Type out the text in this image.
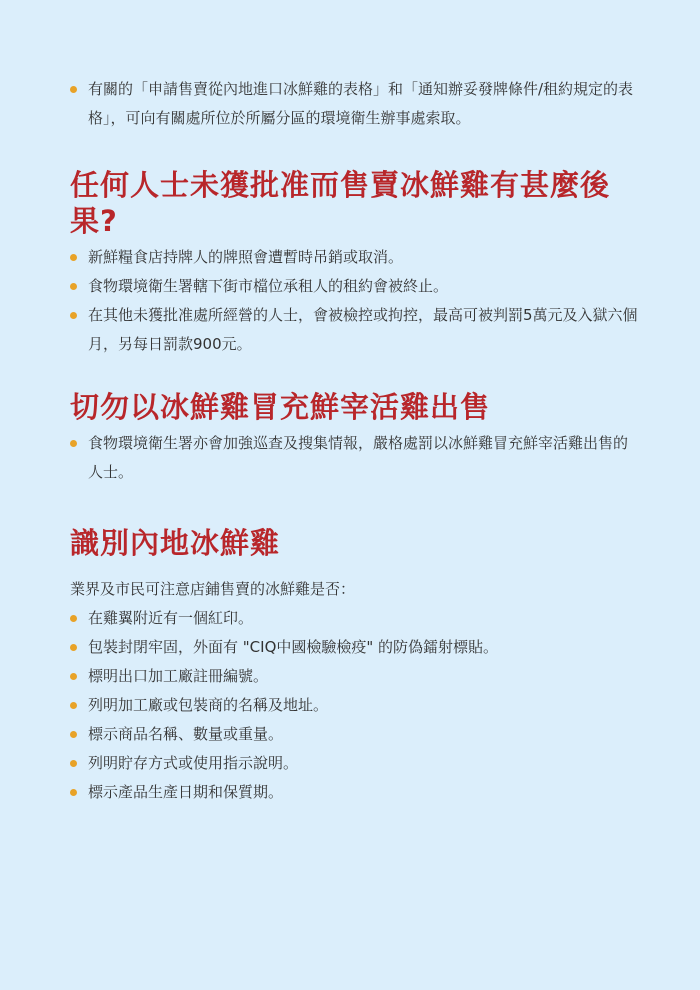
有關的「申請售賣從內地進口冰鮮雞的表格」和「通知辦妥發牌條件/租約規定的表格」，可向有關處所位於所屬分區的環境衛生辦事處索取。
任何人士未獲批准而售賣冰鮮雞有甚麼後果?
新鮮糧食店持牌人的牌照會遭暫時吊銷或取消。
食物環境衛生署轄下街市檔位承租人的租約會被終止。
在其他未獲批准處所經營的人士，會被檢控或拘控，最高可被判罰5萬元及入獄六個月，另每日罰款900元。
切勿以冰鮮雞冒充鮮宰活雞出售
食物環境衛生署亦會加強巡查及搜集情報，嚴格處罰以冰鮮雞冒充鮮宰活雞出售的人士。
識別內地冰鮮雞

業界及市民可注意店鋪售賣的冰鮮雞是否：

在雞翼附近有一個紅印。
包裝封閉牢固，外面有 "CIQ中國檢驗檢疫" 的防偽鐳射標貼。
標明出口加工廠註冊編號。
列明加工廠或包裝商的名稱及地址。
標示商品名稱、數量或重量。
列明貯存方式或使用指示說明。
標示產品生產日期和保質期。
